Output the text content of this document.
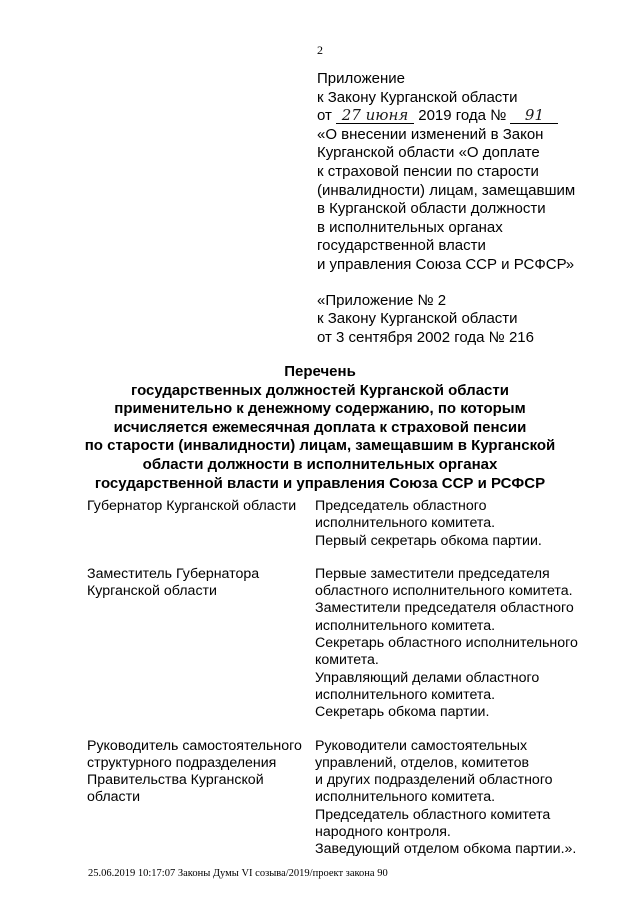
2
Приложение
к Закону Курганской области
от 27 июня 2019 года № 91
«О внесении изменений в Закон
Курганской области «О доплате
к страховой пенсии по старости
(инвалидности) лицам, замещавшим
в Курганской области должности
в исполнительных органах
государственной власти
и управления Союза ССР и РСФСР»
«Приложение № 2
к Закону Курганской области
от 3 сентября 2002 года № 216
Перечень
государственных должностей Курганской области
применительно к денежному содержанию, по которым
исчисляется ежемесячная доплата к страховой пенсии
по старости (инвалидности) лицам, замещавшим в Курганской
области должности в исполнительных органах
государственной власти и управления Союза ССР и РСФСР
Губернатор Курганской области	Председатель областного
исполнительного комитета.
Первый секретарь обкома партии.
Заместитель Губернатора
Курганской области
Первые заместители председателя
областного исполнительного комитета.
Заместители председателя областного
исполнительного комитета.
Секретарь областного исполнительного
комитета.
Управляющий делами областного
исполнительного комитета.
Секретарь обкома партии.
Руководитель самостоятельного
структурного подразделения
Правительства Курганской
области
Руководители самостоятельных
управлений, отделов, комитетов
и других подразделений областного
исполнительного комитета.
Председатель областного комитета
народного контроля.
Заведующий отделом обкома партии.».
25.06.2019 10:17:07 Законы Думы VI созыва/2019/проект закона 90
